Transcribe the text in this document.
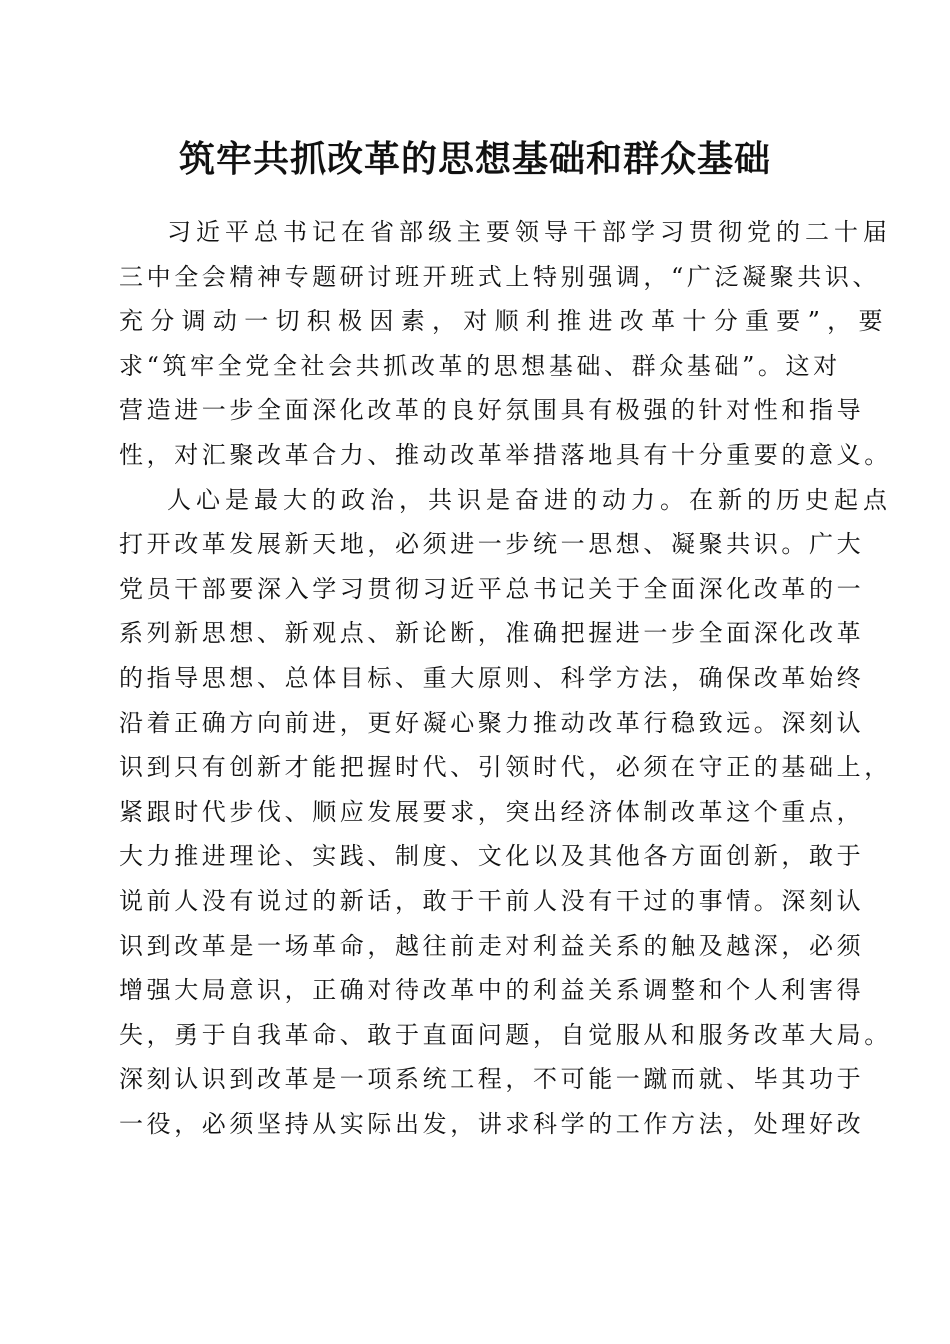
筑牢共抓改革的思想基础和群众基础

习近平总书记在省部级主要领导干部学习贯彻党的二十届
三中全会精神专题研讨班开班式上特别强调，“广泛凝聚共识、
充分调动一切积极因素，对顺利推进改革十分重要”，要
求“筑牢全党全社会共抓改革的思想基础、群众基础”。这对
营造进一步全面深化改革的良好氛围具有极强的针对性和指导
性，对汇聚改革合力、推动改革举措落地具有十分重要的意义。

人心是最大的政治，共识是奋进的动力。在新的历史起点
打开改革发展新天地，必须进一步统一思想、凝聚共识。广大
党员干部要深入学习贯彻习近平总书记关于全面深化改革的一
系列新思想、新观点、新论断，准确把握进一步全面深化改革
的指导思想、总体目标、重大原则、科学方法，确保改革始终
沿着正确方向前进，更好凝心聚力推动改革行稳致远。深刻认
识到只有创新才能把握时代、引领时代，必须在守正的基础上，
紧跟时代步伐、顺应发展要求，突出经济体制改革这个重点，
大力推进理论、实践、制度、文化以及其他各方面创新，敢于
说前人没有说过的新话，敢于干前人没有干过的事情。深刻认
识到改革是一场革命，越往前走对利益关系的触及越深，必须
增强大局意识，正确对待改革中的利益关系调整和个人利害得
失，勇于自我革命、敢于直面问题，自觉服从和服务改革大局。
深刻认识到改革是一项系统工程，不可能一蹴而就、毕其功于
一役，必须坚持从实际出发，讲求科学的工作方法，处理好改
